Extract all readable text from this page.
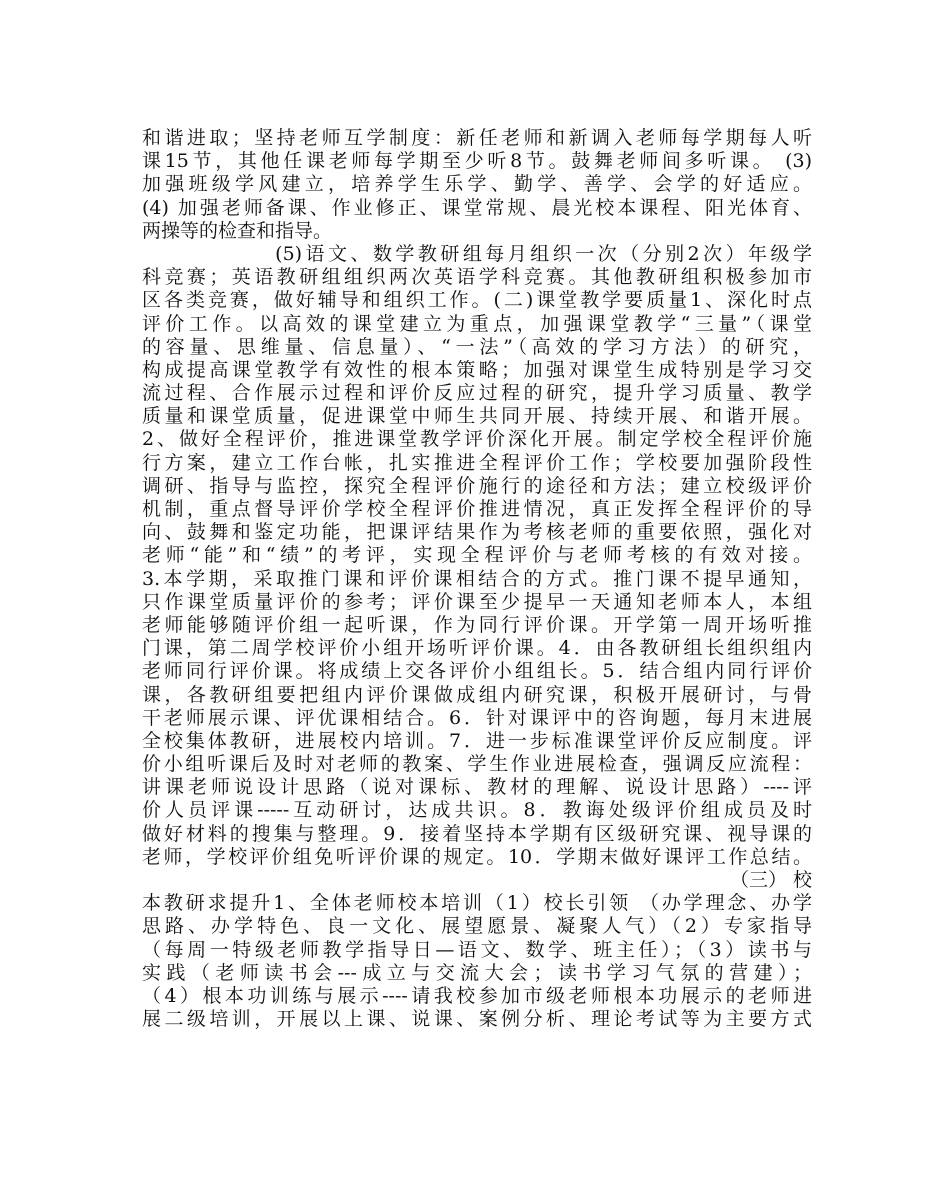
和谐进取；坚持老师互学制度：新任老师和新调入老师每学期每人听
课15节，其他任课老师每学期至少听8节。鼓舞老师间多听课。 (3)
加强班级学风建立，培养学生乐学、勤学、善学、会学的好适应。
(4) 加强老师备课、作业修正、课堂常规、晨光校本课程、阳光体育、
两操等的检查和指导。
(5)语文、数学教研组每月组织一次（分别2次）年级学
科竞赛；英语教研组组织两次英语学科竞赛。其他教研组积极参加市
区各类竞赛，做好辅导和组织工作。(二)课堂教学要质量1、深化时点
评价工作。以高效的课堂建立为重点，加强课堂教学“三量”（课堂
的容量、思维量、信息量）、“一法”（高效的学习方法）的研究，
构成提高课堂教学有效性的根本策略；加强对课堂生成特别是学习交
流过程、合作展示过程和评价反应过程的研究，提升学习质量、教学
质量和课堂质量，促进课堂中师生共同开展、持续开展、和谐开展。
2、做好全程评价，推进课堂教学评价深化开展。制定学校全程评价施
行方案，建立工作台帐，扎实推进全程评价工作；学校要加强阶段性
调研、指导与监控，探究全程评价施行的途径和方法；建立校级评价
机制，重点督导评价学校全程评价推进情况，真正发挥全程评价的导
向、鼓舞和鉴定功能，把课评结果作为考核老师的重要依照，强化对
老师“能”和“绩”的考评，实现全程评价与老师考核的有效对接。
3.本学期，采取推门课和评价课相结合的方式。推门课不提早通知，
只作课堂质量评价的参考；评价课至少提早一天通知老师本人，本组
老师能够随评价组一起听课，作为同行评价课。开学第一周开场听推
门课，第二周学校评价小组开场听评价课。4．由各教研组长组织组内
老师同行评价课。将成绩上交各评价小组组长。5．结合组内同行评价
课，各教研组要把组内评价课做成组内研究课，积极开展研讨，与骨
干老师展示课、评优课相结合。6．针对课评中的咨询题，每月末进展
全校集体教研，进展校内培训。7．进一步标准课堂评价反应制度。评
价小组听课后及时对老师的教案、学生作业进展检查，强调反应流程：
讲课老师说设计思路（说对课标、教材的理解、说设计思路）----评
价人员评课-----互动研讨，达成共识。8．教诲处级评价组成员及时
做好材料的搜集与整理。9．接着坚持本学期有区级研究课、视导课的
老师，学校评价组免听评价课的规定。10．学期末做好课评工作总结。
（三） 校
本教研求提升1、全体老师校本培训（1）校长引领 （办学理念、办学
思路、办学特色、良一文化、展望愿景、凝聚人气）（2）专家指导
（每周一特级老师教学指导日—语文、数学、班主任）；（3）读书与
实践（老师读书会---成立与交流大会；读书学习气氛的营建）；
（4）根本功训练与展示----请我校参加市级老师根本功展示的老师进
展二级培训，开展以上课、说课、案例分析、理论考试等为主要方式
